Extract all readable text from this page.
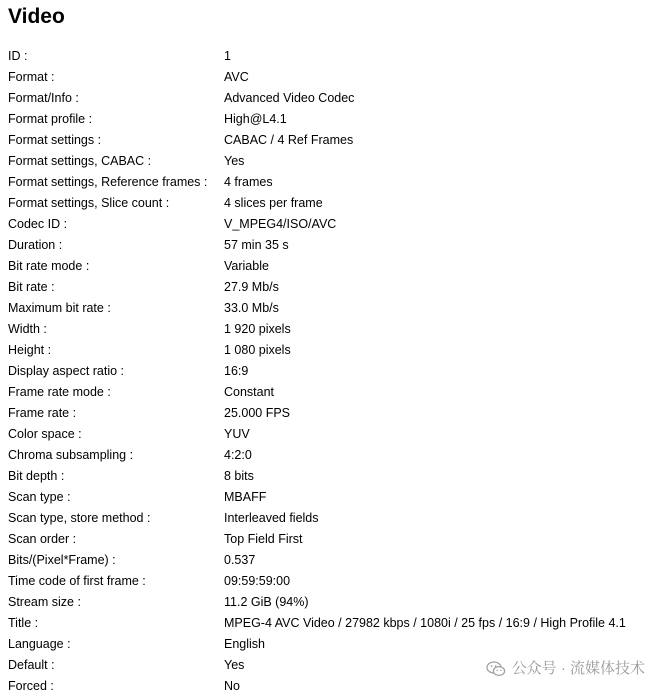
Video
ID :	1
Format :	AVC
Format/Info :	Advanced Video Codec
Format profile :	High@L4.1
Format settings :	CABAC / 4 Ref Frames
Format settings, CABAC :	Yes
Format settings, Reference frames :	4 frames
Format settings, Slice count :	4 slices per frame
Codec ID :	V_MPEG4/ISO/AVC
Duration :	57 min 35 s
Bit rate mode :	Variable
Bit rate :	27.9 Mb/s
Maximum bit rate :	33.0 Mb/s
Width :	1 920 pixels
Height :	1 080 pixels
Display aspect ratio :	16:9
Frame rate mode :	Constant
Frame rate :	25.000 FPS
Color space :	YUV
Chroma subsampling :	4:2:0
Bit depth :	8 bits
Scan type :	MBAFF
Scan type, store method :	Interleaved fields
Scan order :	Top Field First
Bits/(Pixel*Frame) :	0.537
Time code of first frame :	09:59:59:00
Stream size :	11.2 GiB (94%)
Title :	MPEG-4 AVC Video / 27982 kbps / 1080i / 25 fps / 16:9 / High Profile 4.1
Language :	English
Default :	Yes
Forced :	No
公众号 · 流媒体技术
